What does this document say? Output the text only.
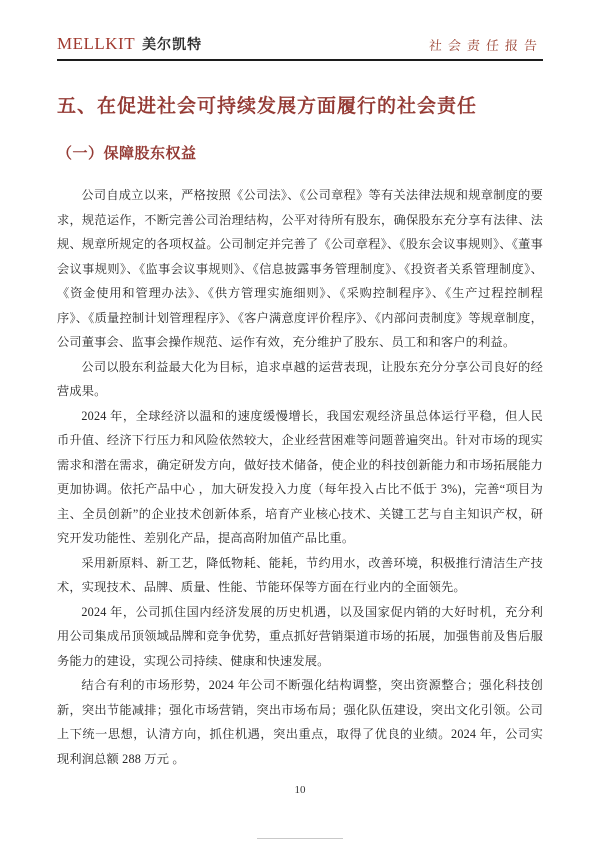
MELLKIT 美尔凯特	社会责任报告
五、在促进社会可持续发展方面履行的社会责任
（一）保障股东权益

公司自成立以来，严格按照《公司法》、《公司章程》等有关法律法规和规章制度的要求，规范运作，不断完善公司治理结构，公平对待所有股东，确保股东充分享有法律、法规、规章所规定的各项权益。公司制定并完善了《公司章程》、《股东会议事规则》、《董事会议事规则》、《监事会议事规则》、《信息披露事务管理制度》、《投资者关系管理制度》、《资金使用和管理办法》、《供方管理实施细则》、《采购控制程序》、《生产过程控制程序》、《质量控制计划管理程序》、《客户满意度评价程序》、《内部问责制度》等规章制度，公司董事会、监事会操作规范、运作有效，充分维护了股东、员工和和客户的利益。

公司以股东利益最大化为目标，追求卓越的运营表现，让股东充分分享公司良好的经营成果。

2024 年，全球经济以温和的速度缓慢增长，我国宏观经济虽总体运行平稳，但人民币升值、经济下行压力和风险依然较大，企业经营困难等问题普遍突出。针对市场的现实需求和潜在需求，确定研发方向，做好技术储备，使企业的科技创新能力和市场拓展能力更加协调。依托产品中心 ，加大研发投入力度（每年投入占比不低于 3%)，完善“项目为主、全员创新”的企业技术创新体系，培育产业核心技术、关键工艺与自主知识产权，研究开发功能性、差别化产品，提高高附加值产品比重。

采用新原料、新工艺，降低物耗、能耗，节约用水，改善环境，积极推行清洁生产技术，实现技术、品牌、质量、性能、节能环保等方面在行业内的全面领先。

2024 年，公司抓住国内经济发展的历史机遇，以及国家促内销的大好时机，充分利用公司集成吊顶领域品牌和竞争优势，重点抓好营销渠道市场的拓展，加强售前及售后服务能力的建设，实现公司持续、健康和快速发展。

结合有利的市场形势，2024 年公司不断强化结构调整，突出资源整合；强化科技创新，突出节能减排；强化市场营销，突出市场布局；强化队伍建设，突出文化引领。公司上下统一思想，认清方向，抓住机遇，突出重点，取得了优良的业绩。2024 年，公司实现利润总额 288 万元 。

10
